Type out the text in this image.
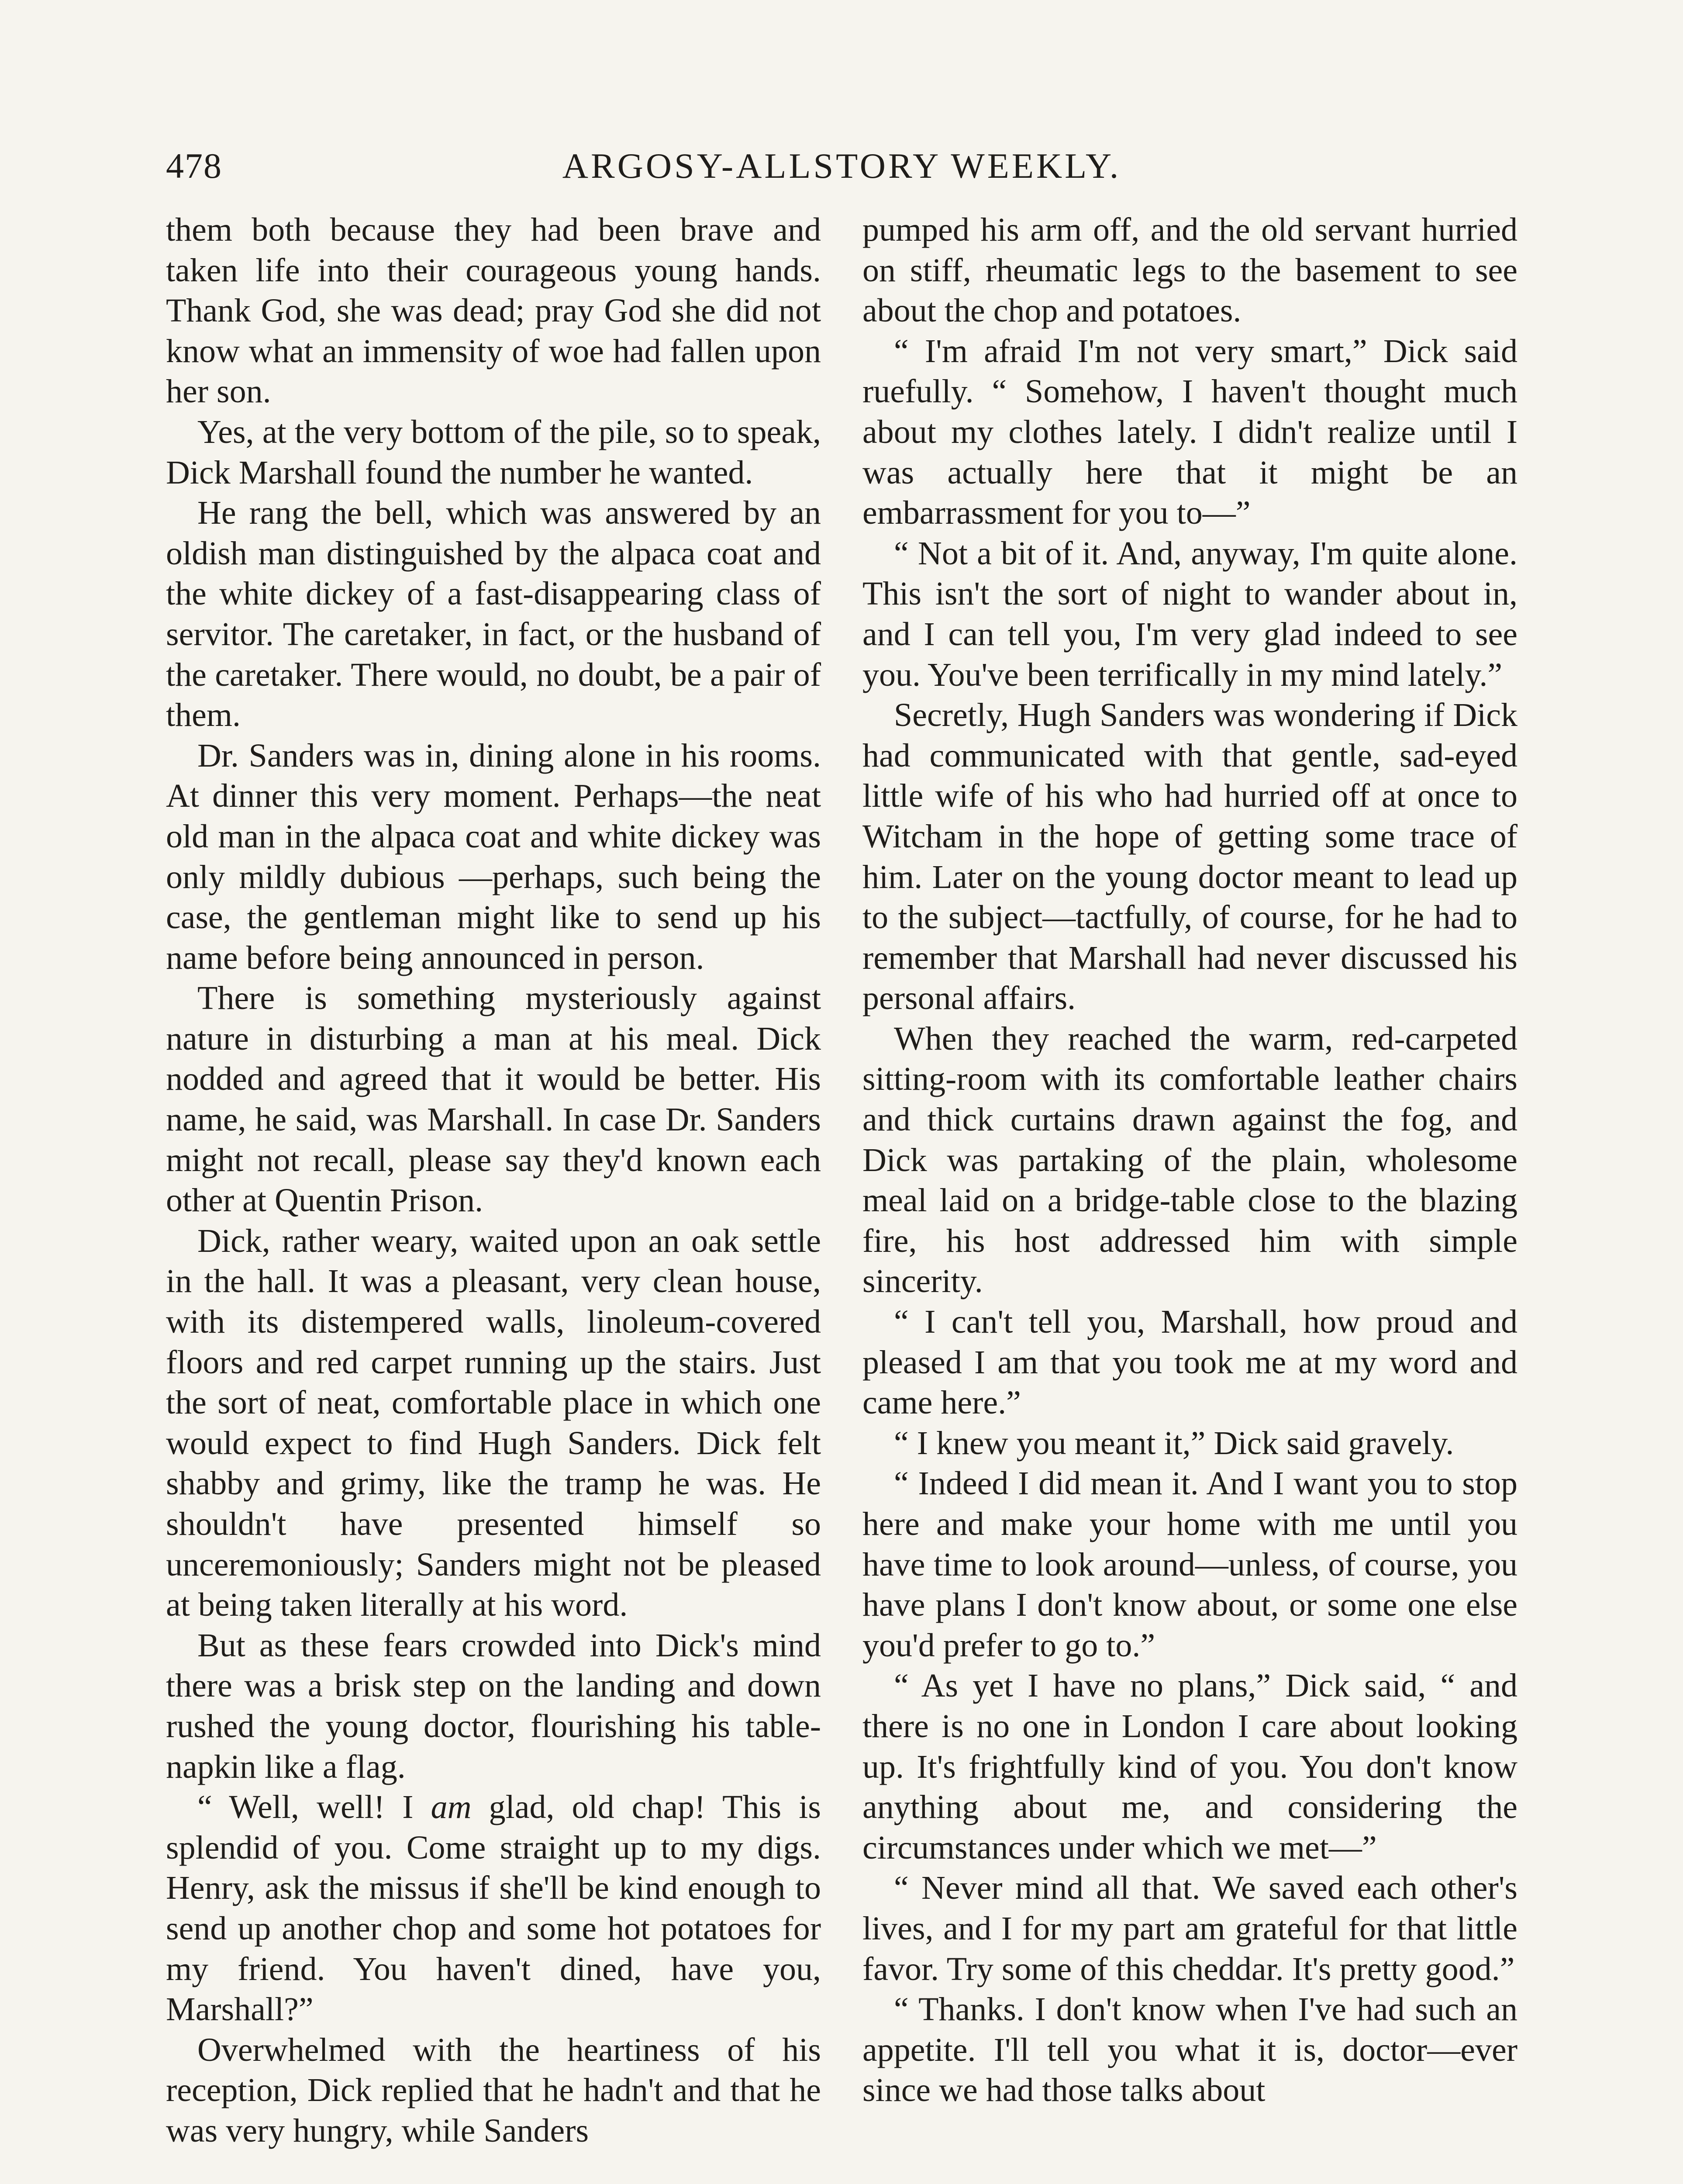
478	ARGOSY-ALLSTORY WEEKLY.

them both because they had been brave and taken life into their courageous young hands. Thank God, she was dead; pray God she did not know what an immensity of woe had fallen upon her son.

Yes, at the very bottom of the pile, so to speak, Dick Marshall found the number he wanted.

He rang the bell, which was answered by an oldish man distinguished by the alpaca coat and the white dickey of a fast-disappearing class of servitor. The caretaker, in fact, or the husband of the caretaker. There would, no doubt, be a pair of them.

Dr. Sanders was in, dining alone in his rooms. At dinner this very moment. Perhaps—the neat old man in the alpaca coat and white dickey was only mildly dubious —perhaps, such being the case, the gentleman might like to send up his name before being announced in person.

There is something mysteriously against nature in disturbing a man at his meal. Dick nodded and agreed that it would be better. His name, he said, was Marshall. In case Dr. Sanders might not recall, please say they'd known each other at Quentin Prison.

Dick, rather weary, waited upon an oak settle in the hall. It was a pleasant, very clean house, with its distempered walls, linoleum-covered floors and red carpet running up the stairs. Just the sort of neat, comfortable place in which one would expect to find Hugh Sanders. Dick felt shabby and grimy, like the tramp he was. He shouldn't have presented himself so unceremoniously; Sanders might not be pleased at being taken literally at his word.

But as these fears crowded into Dick's mind there was a brisk step on the landing and down rushed the young doctor, flourishing his table-napkin like a flag.

“ Well, well! I am glad, old chap! This is splendid of you. Come straight up to my digs. Henry, ask the missus if she'll be kind enough to send up another chop and some hot potatoes for my friend. You haven't dined, have you, Marshall?”

Overwhelmed with the heartiness of his reception, Dick replied that he hadn't and that he was very hungry, while Sanders

pumped his arm off, and the old servant hurried on stiff, rheumatic legs to the basement to see about the chop and potatoes.

“ I'm afraid I'm not very smart,” Dick said ruefully. “ Somehow, I haven't thought much about my clothes lately. I didn't realize until I was actually here that it might be an embarrassment for you to—”

“ Not a bit of it. And, anyway, I'm quite alone. This isn't the sort of night to wander about in, and I can tell you, I'm very glad indeed to see you. You've been terrifically in my mind lately.”

Secretly, Hugh Sanders was wondering if Dick had communicated with that gentle, sad-eyed little wife of his who had hurried off at once to Witcham in the hope of getting some trace of him. Later on the young doctor meant to lead up to the subject—tactfully, of course, for he had to remember that Marshall had never discussed his personal affairs.

When they reached the warm, red-carpeted sitting-room with its comfortable leather chairs and thick curtains drawn against the fog, and Dick was partaking of the plain, wholesome meal laid on a bridge-table close to the blazing fire, his host addressed him with simple sincerity.

“ I can't tell you, Marshall, how proud and pleased I am that you took me at my word and came here.”

“ I knew you meant it,” Dick said gravely.

“ Indeed I did mean it. And I want you to stop here and make your home with me until you have time to look around—unless, of course, you have plans I don't know about, or some one else you'd prefer to go to.”

“ As yet I have no plans,” Dick said, “ and there is no one in London I care about looking up. It's frightfully kind of you. You don't know anything about me, and considering the circumstances under which we met—”

“ Never mind all that. We saved each other's lives, and I for my part am grateful for that little favor. Try some of this cheddar. It's pretty good.”

“ Thanks. I don't know when I've had such an appetite. I'll tell you what it is, doctor—ever since we had those talks about
